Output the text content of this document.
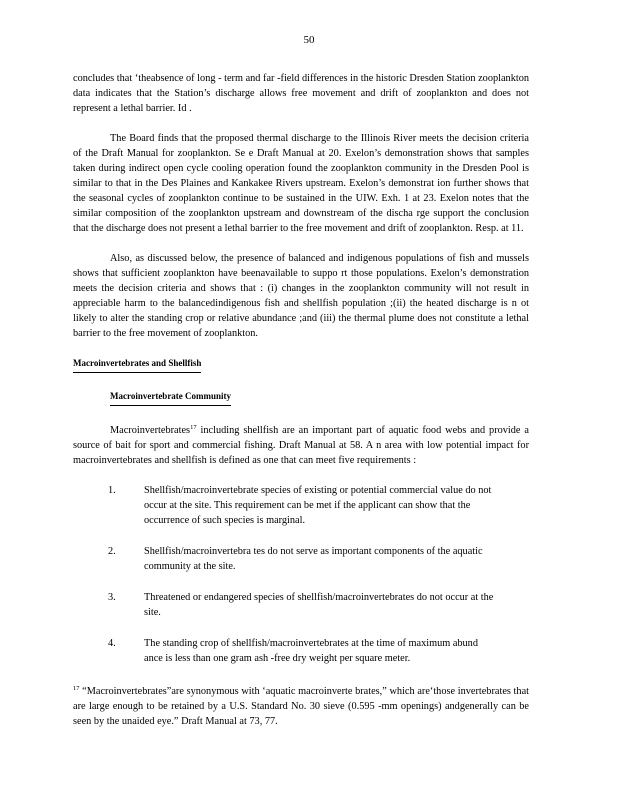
50

concludes that ‘theabsence of long - term and far -field differences in the historic Dresden Station zooplankton data indicates that the Station’s discharge allows free movement and drift of zooplankton and does not represent a lethal barrier. Id .

The Board finds that the proposed thermal discharge to the Illinois River meets the decision criteria of the Draft Manual for zooplankton. Se e Draft Manual at 20. Exelon’s demonstration shows that samples taken during indirect open cycle cooling operation found the zooplankton community in the Dresden Pool is similar to that in the Des Plaines and Kankakee Rivers upstream. Exelon’s demonstrat ion further shows that the seasonal cycles of zooplankton continue to be sustained in the UIW. Exh. 1 at 23. Exelon notes that the similar composition of the zooplankton upstream and downstream of the discha rge support the conclusion that the discharge does not present a lethal barrier to the free movement and drift of zooplankton. Resp. at 11.

Also, as discussed below, the presence of balanced and indigenous populations of fish and mussels shows that sufficient zooplankton have beenavailable to suppo rt those populations. Exelon’s demonstration meets the decision criteria and shows that : (i) changes in the zooplankton community will not result in appreciable harm to the balancedindigenous fish and shellfish population ;(ii) the heated discharge is n ot likely to alter the standing crop or relative abundance ;and (iii) the thermal plume does not constitute a lethal barrier to the free movement of zooplankton.

Macroinvertebrates and Shellfish
Macroinvertebrate Community

Macroinvertebrates$^{17}$ including shellfish are an important part of aquatic food webs and provide a source of bait for sport and commercial fishing. Draft Manual at 58. A n area with low potential impact for macroinvertebrates and shellfish is defined as one that can meet five requirements :

1.	Shellfish/macroinvertebrate species of existing or potential commercial value do not occur at the site. This requirement can be met if the applicant can show that the occurrence of such species is marginal.
2.	Shellfish/macroinvertebra tes do not serve as important components of the aquatic community at the site.
3.	Threatened or endangered species of shellfish/macroinvertebrates do not occur at the site.
4.	The standing crop of shellfish/macroinvertebrates at the time of maximum abund ance is less than one gram ash -free dry weight per square meter.

$^{17}$ “Macroinvertebrates”are synonymous with ‘aquatic macroinverte brates,” which are‘those invertebrates that are large enough to be retained by a U.S. Standard No. 30 sieve (0.595 -mm openings) andgenerally can be seen by the unaided eye.” Draft Manual at 73, 77.
